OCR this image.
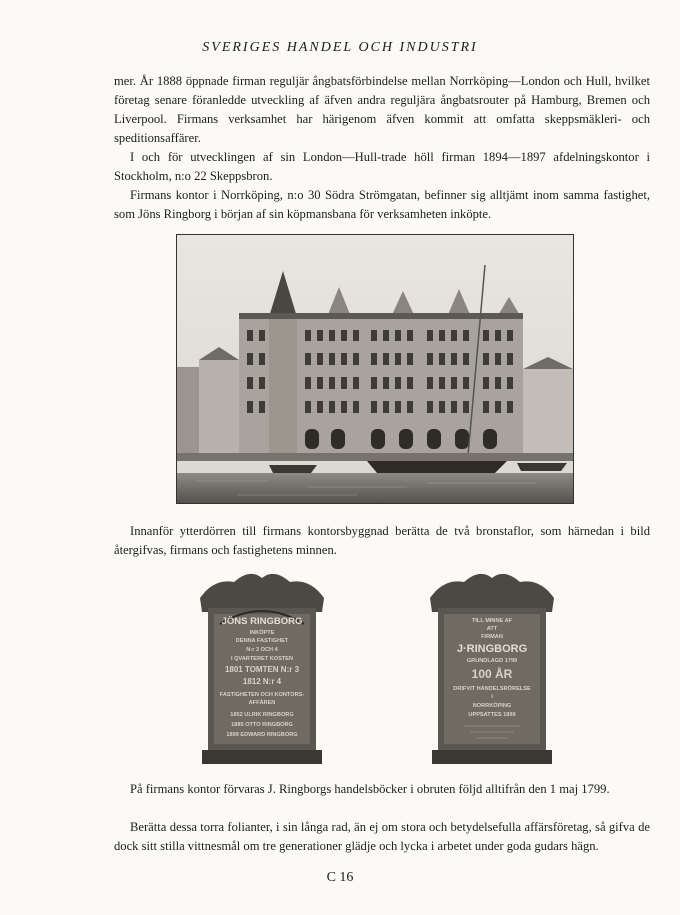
SVERIGES HANDEL OCH INDUSTRI

mer. År 1888 öppnade firman reguljär ångbatsförbindelse mellan Norrköping—London och Hull, hvilket företag senare föranledde utveckling af äfven andra reguljära ångbatsrouter på Hamburg, Bremen och Liverpool. Firmans verksamhet har härigenom äfven kommit att omfatta skeppsmäkleri- och speditionsaffärer.

I och för utvecklingen af sin London—Hull-trade höll firman 1894—1897 afdelningskontor i Stockholm, n:o 22 Skeppsbron.

Firmans kontor i Norrköping, n:o 30 Södra Strömgatan, befinner sig alltjämt inom samma fastighet, som Jöns Ringborg i början af sin köpmansbana för verksamheten inköpte.

Innanför ytterdörren till firmans kontorsbyggnad berätta de två bronstaflor, som härnedan i bild återgifvas, firmans och fastighetens minnen.

JÖNS RINGBORG
INKÖPTE
DENNA FASTIGHET
N:r 3 OCH 4
I QVARTERET KOSTEN
1801 TOMTEN N:r 3
1812 N:r 4
FASTIGHETEN OCH KONTORS-
AFFÄREN
1852 ULRIK RINGBORG
1885 OTTO RINGBORG
1899 EDWARD RINGBORG
TILL MINNE AF
ATT
FIRMAN
J·RINGBORG
GRUNDLAGD 1799
100 ÅR
DRIFVIT HANDELSRÖRELSE
I
NORRKÖPING
UPPSATTES 1899

På firmans kontor förvaras J. Ringborgs handelsböcker i obruten följd alltifrån den 1 maj 1799.

Berätta dessa torra folianter, i sin långa rad, än ej om stora och betydelsefulla affärsföretag, så gifva de dock sitt stilla vittnesmål om tre generationer glädje och lycka i arbetet under goda gudars hägn.

C 16
